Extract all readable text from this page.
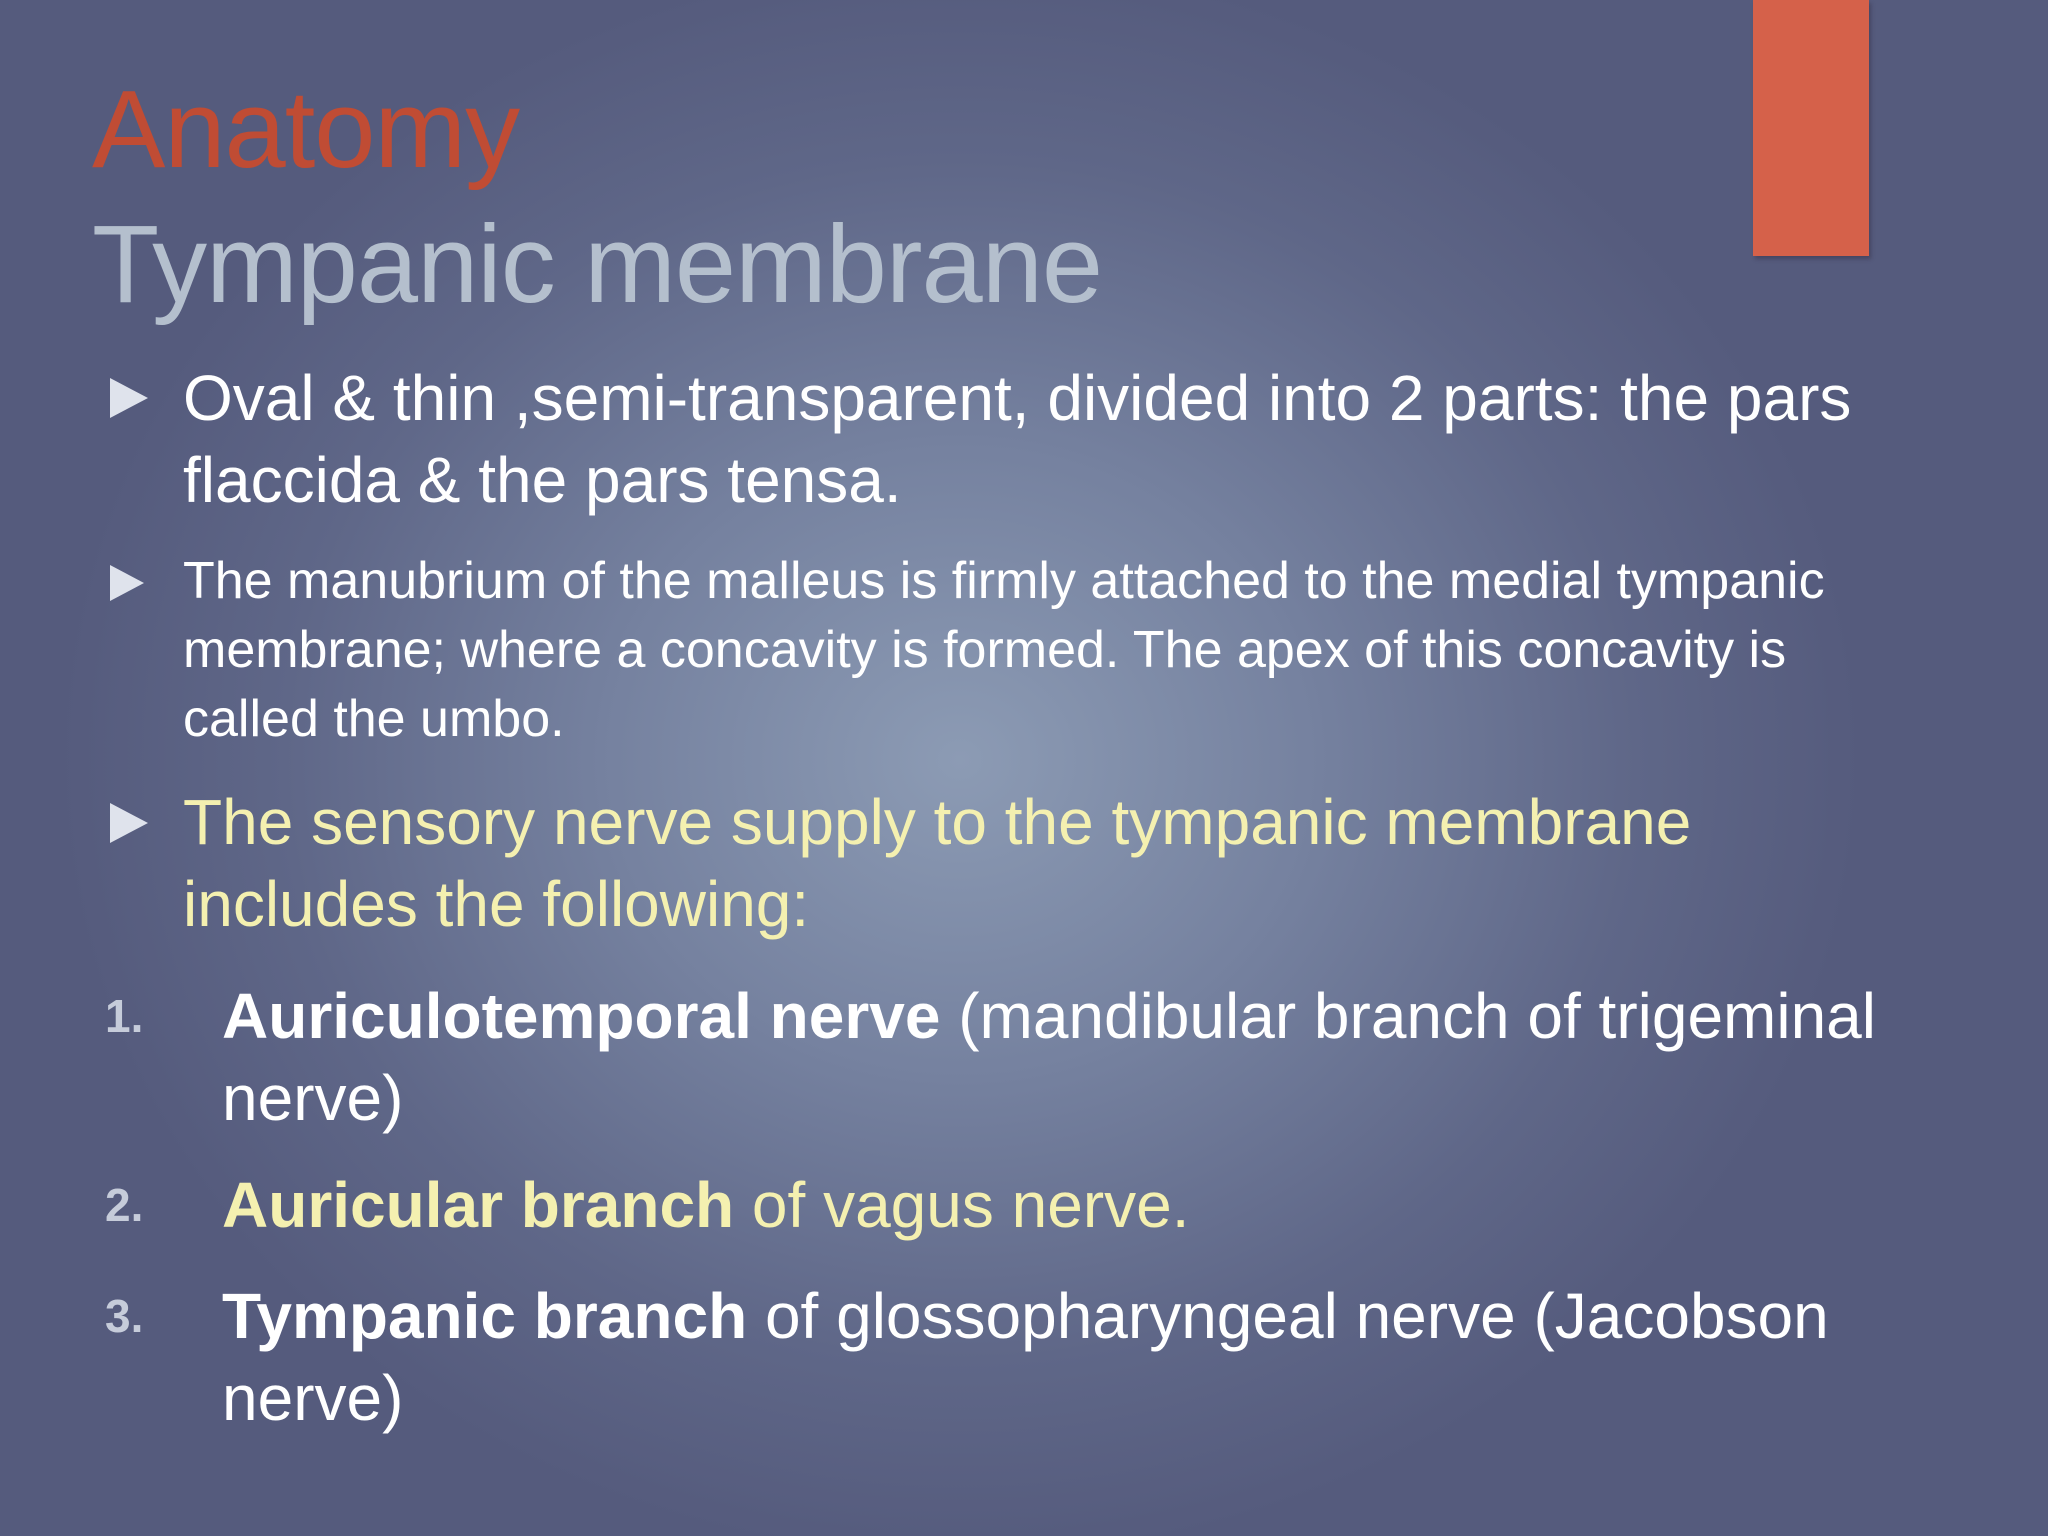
Anatomy
Tympanic membrane
Oval & thin ,semi-transparent, divided into 2 parts: the pars flaccida & the pars tensa.
The manubrium of the malleus is firmly attached to the medial tympanic membrane; where a concavity is formed. The apex of this concavity is called the umbo.
The sensory nerve supply to the tympanic membrane includes the following:
1. Auriculotemporal nerve (mandibular branch of trigeminal nerve)
2. Auricular branch of vagus nerve.
3. Tympanic branch of glossopharyngeal nerve (Jacobson nerve)
